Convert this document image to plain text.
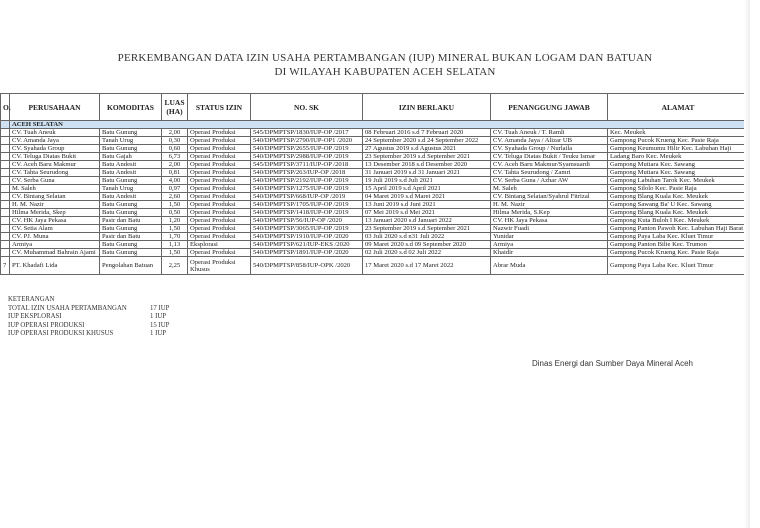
PERKEMBANGAN DATA IZIN USAHA PERTAMBANGAN (IUP) MINERAL BUKAN LOGAM DAN BATUAN
DI WILAYAH KABUPATEN ACEH SELATAN
O.	PERUSAHAAN	KOMODITAS	LUAS (HA)	STATUS IZIN	NO. SK	IZIN BERLAKU	PENANGGUNG JAWAB	ALAMAT
	ACEH SELATAN							
	CV. Tuah Aneuk	Batu Gunung	2,00	Operasi Produksi	545/DPMPTSP/1830/IUP-OP /2017	08 Februari 2016 s.d 7 Februari 2020	CV. Tuah Aneuk / T. Ramli	Kec. Meukek
	CV. Amanda Jaya	Tanah Urug	0,30	Operasi Produksi	540/DPMPTSP/2790/IUP-OP1 /2020	24 September 2020 s.d 24 September 2022	CV. Amanda Jaya / Alizar UB	Gampong Pucok Krueng Kec. Pasie Raja
	CV. Syahada Group	Batu Gunung	0,60	Operasi Produksi	540/DPMPTSP/2655/IUP-OP /2019	27 Agustus 2019 s.d Agustus 2021	CV. Syahada Group / Nurlaila	Gampong Keumumu Hilir Kec. Labuhan Haji
	CV. Teluga Diatas Bukit	Batu Gajah	6,73	Operasi Produksi	540/DPMPTSP/2988/IUP-OP /2019	23 September 2019 s.d September 2021	CV. Teluga Diatas Bukit / Teuku Ismar	Ladang Baro Kec. Meukek
	CV. Aceh Baru Makmur	Batu Andesit	2,00	Operasi Produksi	545/DPMPTSP/3711/IUP-OP /2018	13 Desember 2018 s.d Desember 2020	CV. Aceh Baru Makmur/Syamsuardi	Gampong Mutiara Kec. Sawang
	CV. Tahta Seurudong	Batu Andesit	0,81	Operasi Produksi	540/DPMPTSP/263/IUP-OP /2018	31 Januari 2019 s.d 31 Januari 2021	CV. Tahta Seurudong / Zamri	Gampong Mutiara Kec. Sawang
	CV. Serba Guna	Batu Gunung	4,00	Operasi Produksi	540/DPMPTSP/2192/IUP-OP /2019	19 Juli 2019 s.d Juli 2021	CV. Serba Guna / Azhar AW	Gampong Labuhan Tarok Kec. Meukek
	M. Saleh	Tanah Urug	0,97	Operasi Produksi	540/DPMPTSP/1275/IUP-OP /2019	15 April 2019 s.d April 2021	M. Saleh	Gampong Silolo Kec. Pasie Raja
	CV. Bintang Selatan	Batu Andesit	2,60	Operasi Produksi	540/DPMPTSP/668/IUP-OP /2019	04 Maret 2019 s.d Maret 2021	CV. Bintang Selatan/Syahrul Fitrizal	Gampong Blang Kuala Kec. Meukek
	H. M. Nazir	Batu Gunung	1,50	Operasi Produksi	540/DPMPTSP/1705/IUP-OP /2019	13 Juni 2019 s.d Juni 2021	H. M. Nazir	Gampong Sawang Ba' U Kec. Sawang
	Hilma Merida, Skep	Batu Gunung	0,50	Operasi Produksi	540/DPMPTSP/1418/IUP-OP /2019	07 Mei 2019 s.d Mei 2021	Hilma Merida, S.Kep	Gampong Blang Kuala Kec. Meukek
	CV. HK Jaya Pekasa	Pasir dan Batu	1,20	Operasi Produksi	540/DPMPTSP/56/IUP-OP /2020	13 Januari 2020 s.d Januari 2022	CV. HK Jaya Pekasa	Gampong Kuta Buloh I Kec. Meukek
	CV. Setia Alam	Batu Gunung	1,50	Operasi Produksi	540/DPMPTSP/3065/IUP-OP /2019	23 September 2019 s.d September 2021	Nazwir Fuadi	Gampong Panton Pawoh Kec. Labuhan Haji Barat
	CV. PJ. Muna	Pasir dan Batu	1,70	Operasi Produksi	540/DPMPTSP/1910/IUP-OP /2020	03 Juli 2020 s.d n31 Juli 2022	Yunidar	Gampong Paya Laba Kec. Kluet Timur
	Armiya	Batu Gunung	1,13	Eksplorasi	540/DPMPTSP/621/IUP-EKS /2020	09 Maret 2020 s.d 09 September 2020	Armiya	Gampong Panton Bilie Kec. Trumon
	CV. Muhammad Bahrain Ajami	Batu Gunung	1,50	Operasi Produksi	540/DPMPTSP/1891/IUP-OP /2020	02 Juli 2020 s.d 02 Juli 2022	Khaidir	Gampong Pucok Krueng Kec. Pasie Raja
7	PT. Khadafi Lida	Pengolahan Batuan	2,25	Operasi Produksi Khusus	540/DPMPTSP/858/IUP-OPK /2020	17 Maret 2020 s.d 17 Maret 2022	Abrar Muda	Gampong Paya Laba Kec. Kluet Timur
KETERANGAN
TOTAL IZIN USAHA PERTAMBANGAN	17 IUP
IUP EKSPLORASI	1 IUP
IUP OPERASI PRODUKSI	15 IUP
IUP OPERASI PRODUKSI KHUSUS	1 IUP
Dinas Energi dan Sumber Daya Mineral Aceh
